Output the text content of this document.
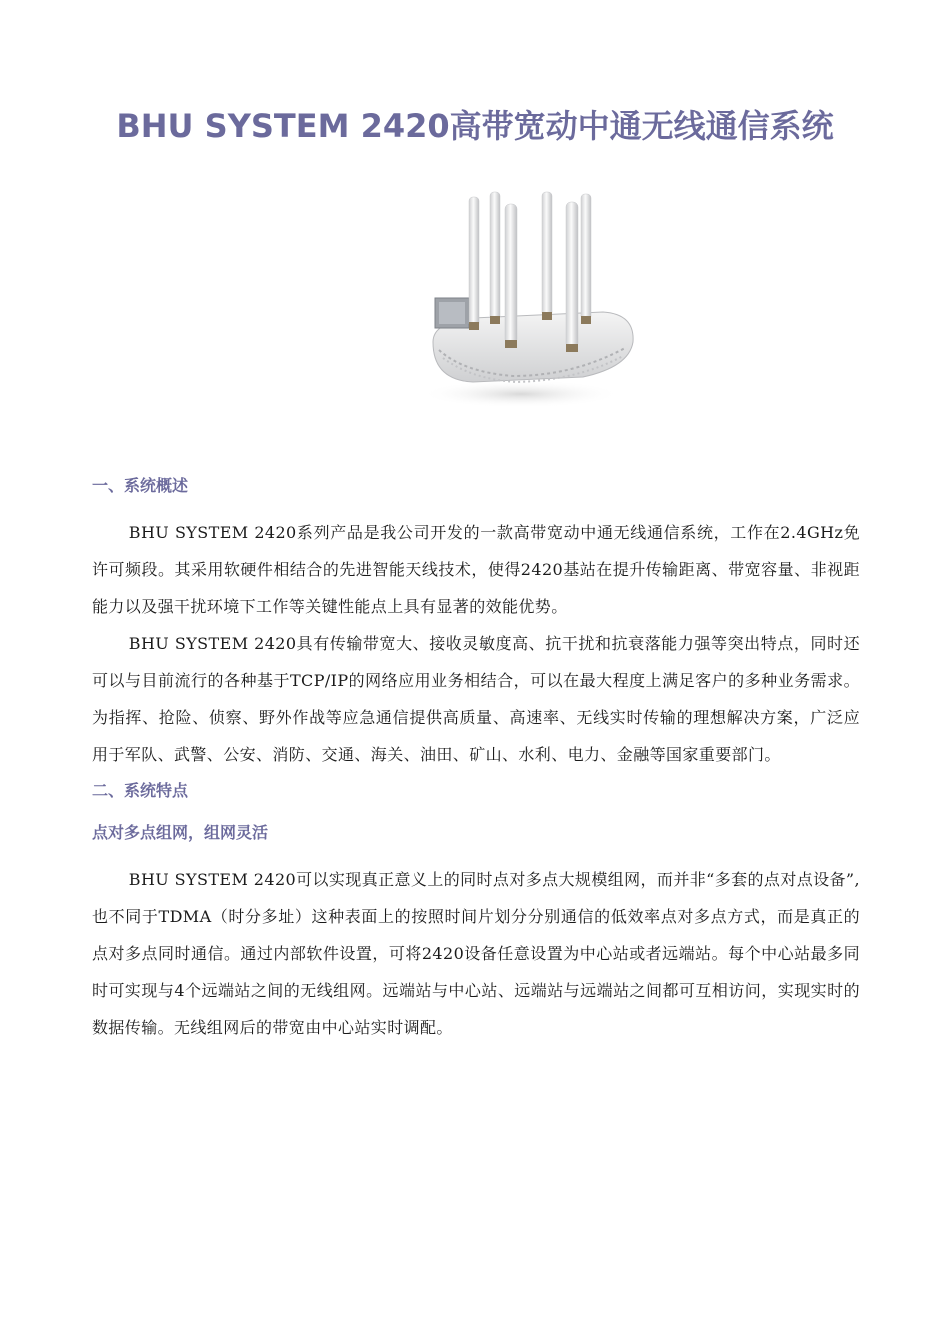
BHU SYSTEM 2420高带宽动中通无线通信系统
一、系统概述

BHU SYSTEM 2420系列产品是我公司开发的一款高带宽动中通无线通信系统，工作在2.4GHz免许可频段。其采用软硬件相结合的先进智能天线技术，使得2420基站在提升传输距离、带宽容量、非视距能力以及强干扰环境下工作等关键性能点上具有显著的效能优势。

BHU SYSTEM 2420具有传输带宽大、接收灵敏度高、抗干扰和抗衰落能力强等突出特点，同时还可以与目前流行的各种基于TCP/IP的网络应用业务相结合，可以在最大程度上满足客户的多种业务需求。为指挥、抢险、侦察、野外作战等应急通信提供高质量、高速率、无线实时传输的理想解决方案，广泛应用于军队、武警、公安、消防、交通、海关、油田、矿山、水利、电力、金融等国家重要部门。

二、系统特点
点对多点组网，组网灵活

BHU SYSTEM 2420可以实现真正意义上的同时点对多点大规模组网，而并非“多套的点对点设备”,也不同于TDMA（时分多址）这种表面上的按照时间片划分分别通信的低效率点对多点方式，而是真正的点对多点同时通信。通过内部软件设置，可将2420设备任意设置为中心站或者远端站。每个中心站最多同时可实现与4个远端站之间的无线组网。远端站与中心站、远端站与远端站之间都可互相访问，实现实时的数据传输。无线组网后的带宽由中心站实时调配。
